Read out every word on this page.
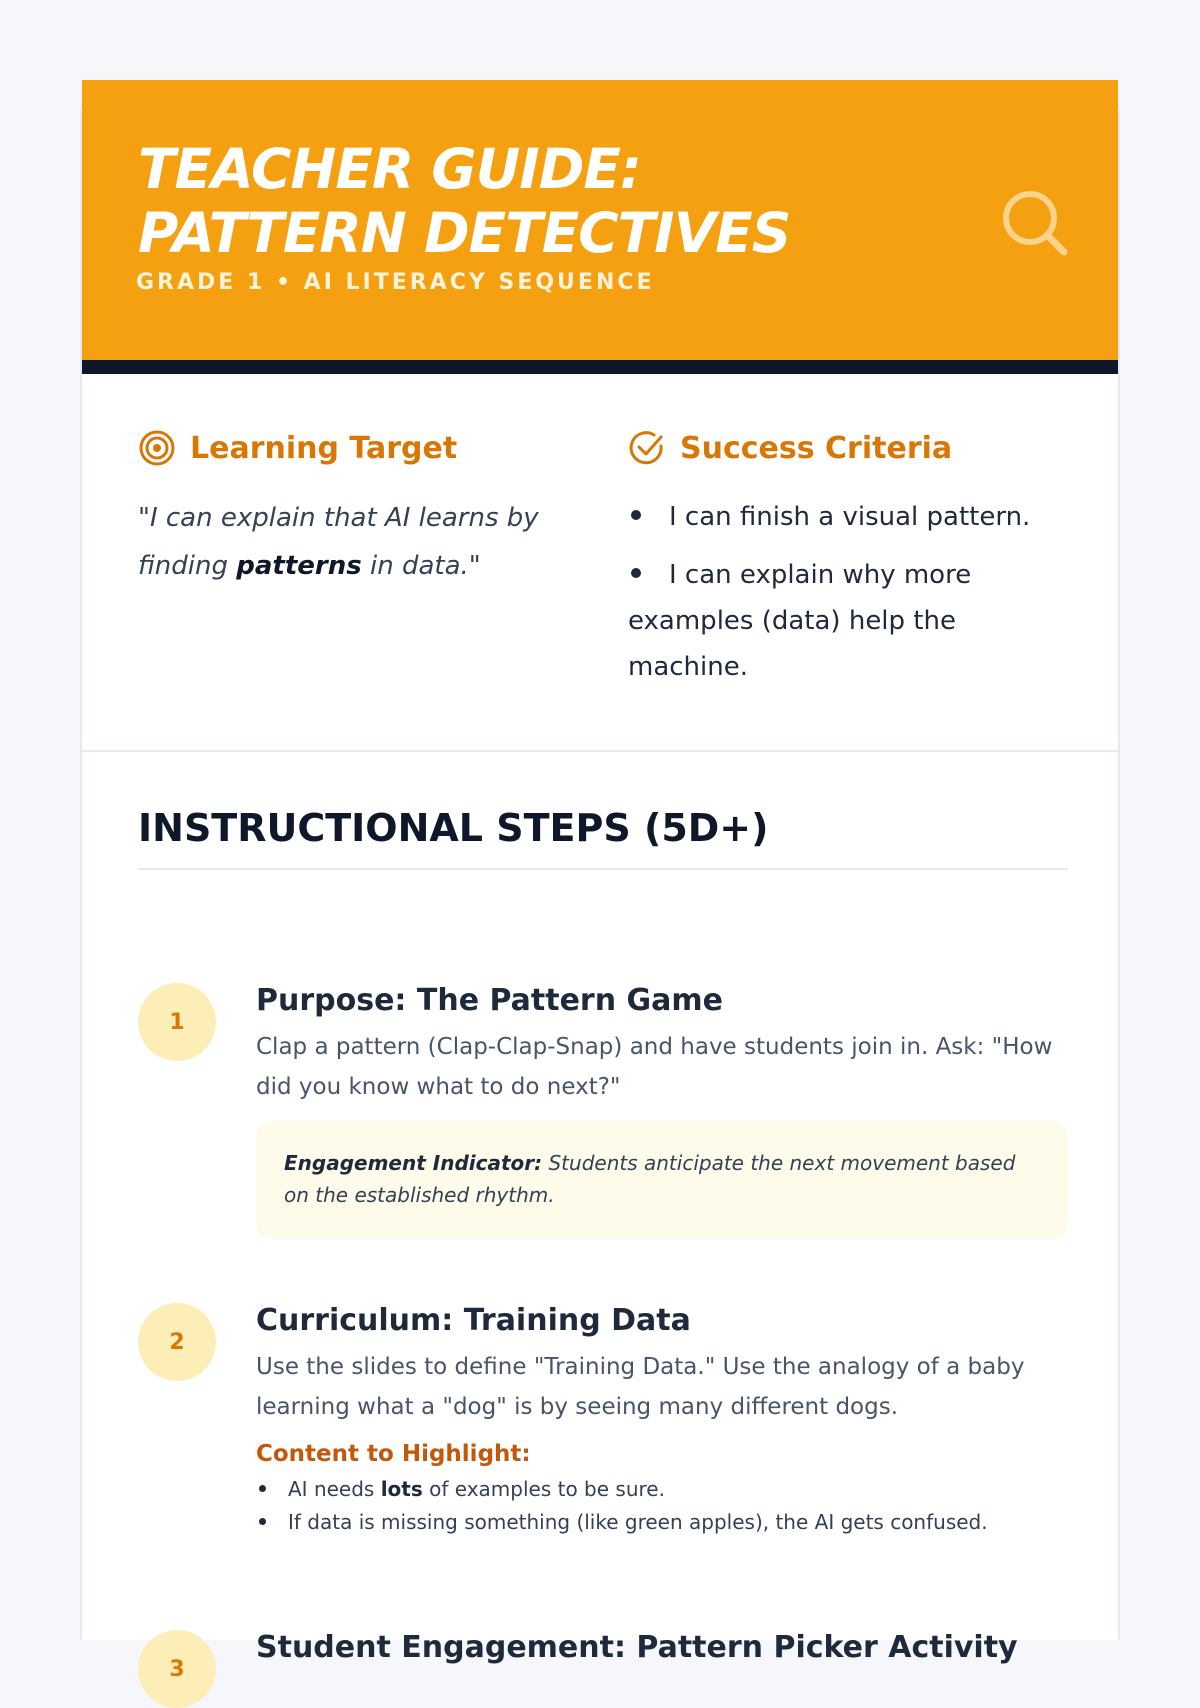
TEACHER GUIDE:
PATTERN DETECTIVES
GRADE 1 • AI LITERACY SEQUENCE
Learning Target

"I can explain that AI learns by finding patterns in data."

Success Criteria
I can finish a visual pattern.
I can explain why more examples (data) help the machine.
INSTRUCTIONAL STEPS (5D+)
1
Purpose: The Pattern Game

Clap a pattern (Clap-Clap-Snap) and have students join in. Ask: "How did you know what to do next?"

Engagement Indicator: Students anticipate the next movement based on the established rhythm.
2
Curriculum: Training Data

Use the slides to define "Training Data." Use the analogy of a baby learning what a "dog" is by seeing many different dogs.

Content to Highlight:
AI needs lots of examples to be sure.
If data is missing something (like green apples), the AI gets confused.
3
Student Engagement: Pattern Picker Activity
